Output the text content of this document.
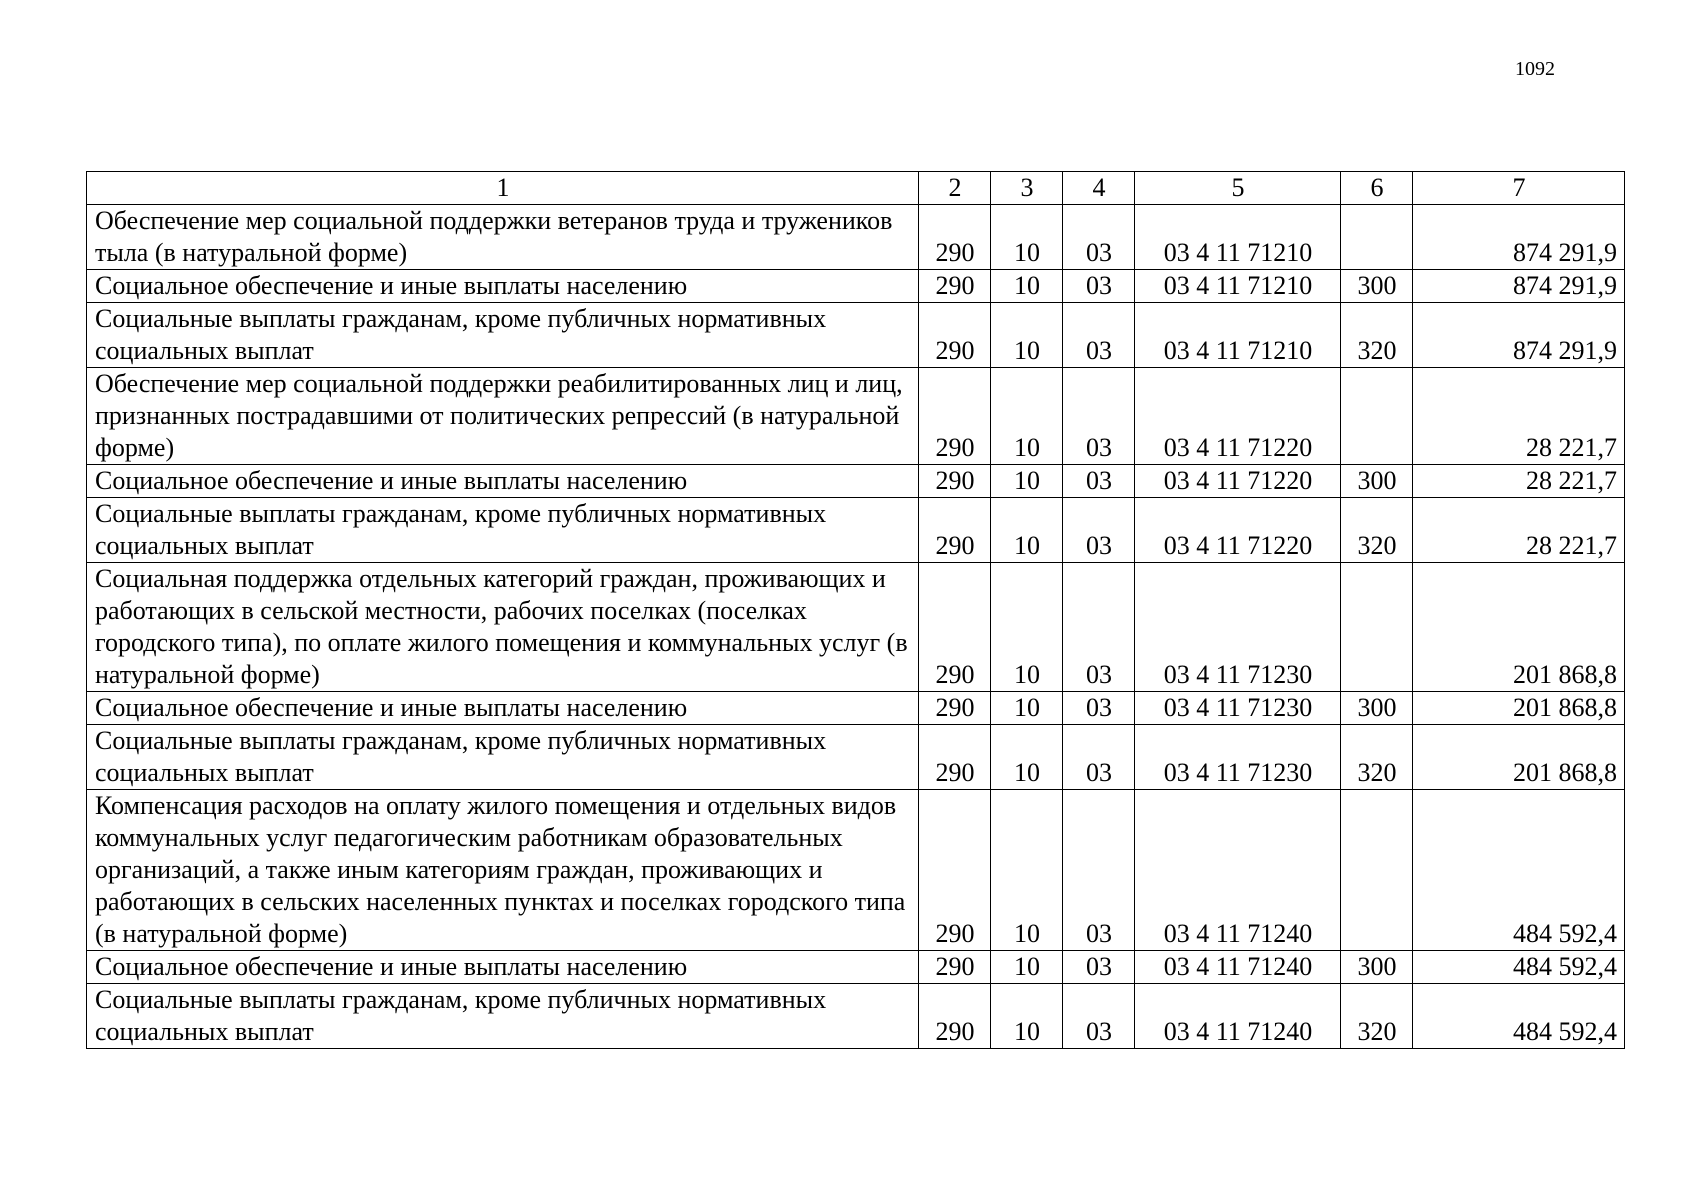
1092
1	2	3	4	5	6	7
Обеспечение мер социальной поддержки ветеранов труда и тружеников тыла (в натуральной форме)	290	10	03	03 4 11 71210		874 291,9
Социальное обеспечение и иные выплаты населению	290	10	03	03 4 11 71210	300	874 291,9
Социальные выплаты гражданам, кроме публичных нормативных социальных выплат	290	10	03	03 4 11 71210	320	874 291,9
Обеспечение мер социальной поддержки реабилитированных лиц и лиц, признанных пострадавшими от политических репрессий (в натуральной форме)	290	10	03	03 4 11 71220		28 221,7
Социальное обеспечение и иные выплаты населению	290	10	03	03 4 11 71220	300	28 221,7
Социальные выплаты гражданам, кроме публичных нормативных социальных выплат	290	10	03	03 4 11 71220	320	28 221,7
Социальная поддержка отдельных категорий граждан, проживающих и работающих в сельской местности, рабочих поселках (поселках городского типа), по оплате жилого помещения и коммунальных услуг (в натуральной форме)	290	10	03	03 4 11 71230		201 868,8
Социальное обеспечение и иные выплаты населению	290	10	03	03 4 11 71230	300	201 868,8
Социальные выплаты гражданам, кроме публичных нормативных социальных выплат	290	10	03	03 4 11 71230	320	201 868,8
Компенсация расходов на оплату жилого помещения и отдельных видов коммунальных услуг педагогическим работникам образовательных организаций, а также иным категориям граждан, проживающих и работающих в сельских населенных пунктах и поселках городского типа (в натуральной форме)	290	10	03	03 4 11 71240		484 592,4
Социальное обеспечение и иные выплаты населению	290	10	03	03 4 11 71240	300	484 592,4
Социальные выплаты гражданам, кроме публичных нормативных социальных выплат	290	10	03	03 4 11 71240	320	484 592,4
